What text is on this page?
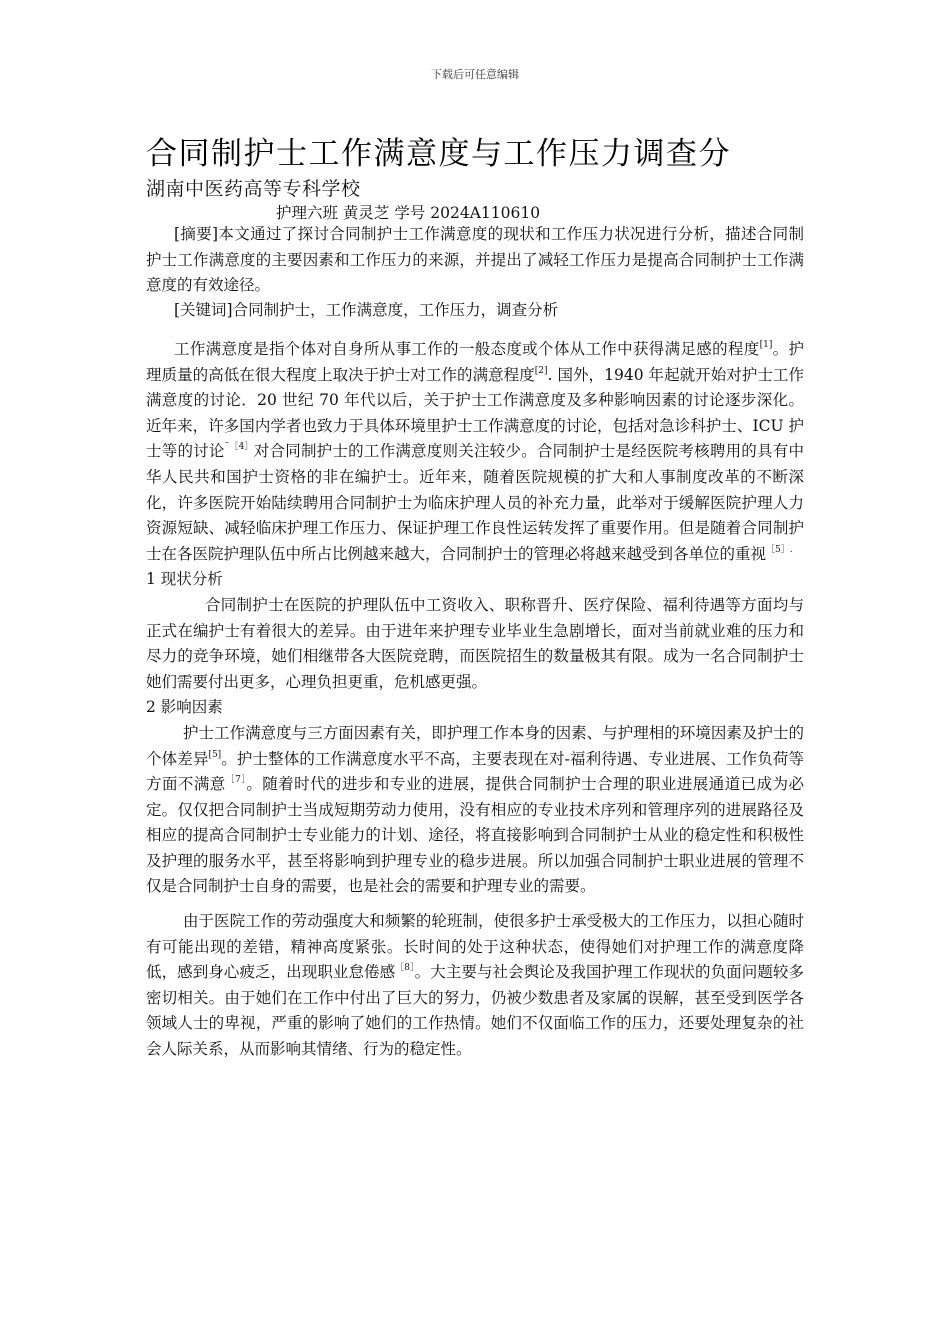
下载后可任意编辑
合同制护士工作满意度与工作压力调查分
湖南中医药高等专科学校
护理六班 黄灵芝 学号 2024A110610

[摘要]本文通过了探讨合同制护士工作满意度的现状和工作压力状况进行分析，描述合同制护士工作满意度的主要因素和工作压力的来源，并提出了减轻工作压力是提高合同制护士工作满意度的有效途径。

[关键词]合同制护士，工作满意度，工作压力，调查分析

工作满意度是指个体对自身所从事工作的一般态度或个体从工作中获得满足感的程度[1]。护理质量的高低在很大程度上取决于护士对工作的满意程度[2]. 国外，1940 年起就开始对护士工作满意度的讨论．20 世纪 70 年代以后，关于护士工作满意度及多种影响因素的讨论逐步深化。近年来，许多国内学者也致力于具体环境里护士工作满意度的讨论，包括对急诊科护士、ICU 护士等的讨论$^{¨[4]}$对合同制护士的工作满意度则关注较少。合同制护士是经医院考核聘用的具有中华人民共和国护士资格的非在编护士。近年来，随着医院规模的扩大和人事制度改革的不断深化，许多医院开始陆续聘用合同制护士为临床护理人员的补充力量，此举对于缓解医院护理人力资源短缺、减轻临床护理工作压力、保证护理工作良性运转发挥了重要作用。但是随着合同制护士在各医院护理队伍中所占比例越来越大，合同制护士的管理必将越来越受到各单位的重视$^{[5].}$

1 现状分析

合同制护士在医院的护理队伍中工资收入、职称晋升、医疗保险、福利待遇等方面均与正式在编护士有着很大的差异。由于进年来护理专业毕业生急剧增长，面对当前就业难的压力和尽力的竞争环境，她们相继带各大医院竞聘，而医院招生的数量极其有限。成为一名合同制护士她们需要付出更多，心理负担更重，危机感更强。

2 影响因素

护士工作满意度与三方面因素有关，即护理工作本身的因素、与护理相的环境因素及护士的个体差异[5]。护士整体的工作满意度水平不高，主要表现在对-福利待遇、专业进展、工作负荷等方面不满意$^{[7]}$。随着时代的进步和专业的进展，提供合同制护士合理的职业进展通道已成为必定。仅仅把合同制护士当成短期劳动力使用，没有相应的专业技术序列和管理序列的进展路径及相应的提高合同制护士专业能力的计划、途径，将直接影响到合同制护士从业的稳定性和积极性及护理的服务水平，甚至将影响到护理专业的稳步进展。所以加强合同制护士职业进展的管理不仅是合同制护士自身的需要，也是社会的需要和护理专业的需要。

由于医院工作的劳动强度大和频繁的轮班制，使很多护士承受极大的工作压力，以担心随时有可能出现的差错，精神高度紧张。长时间的处于这种状态，使得她们对护理工作的满意度降低，感到身心疲乏，出现职业怠倦感$^{[8]}$。大主要与社会舆论及我国护理工作现状的负面问题较多密切相关。由于她们在工作中付出了巨大的努力，仍被少数患者及家属的误解，甚至受到医学各领域人士的卑视，严重的影响了她们的工作热情。她们不仅面临工作的压力，还要处理复杂的社会人际关系，从而影响其情绪、行为的稳定性。
